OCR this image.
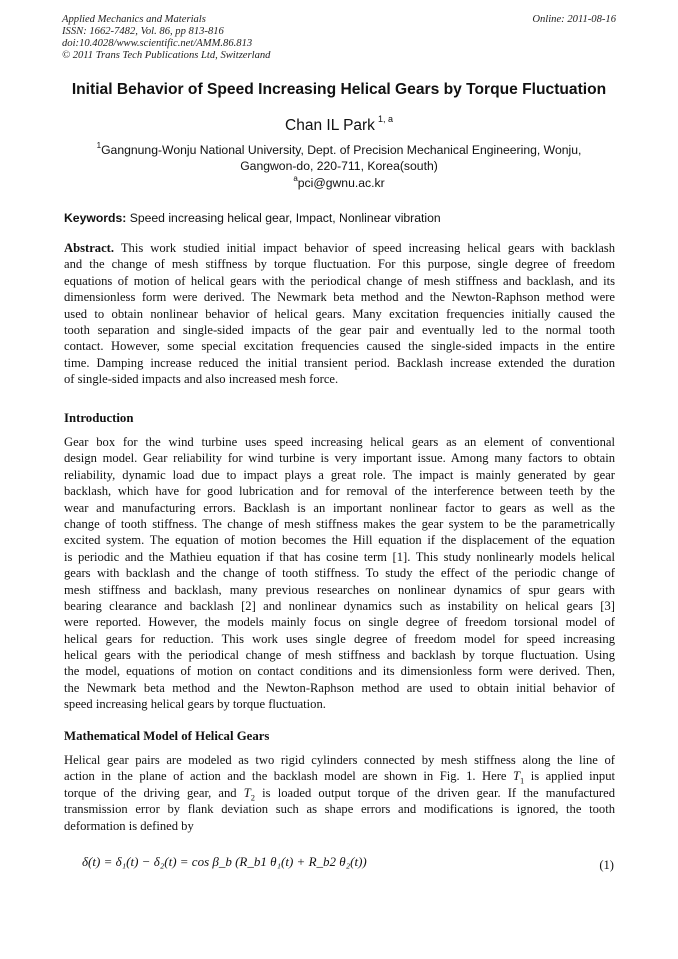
Applied Mechanics and Materials
ISSN: 1662-7482, Vol. 86, pp 813-816
doi:10.4028/www.scientific.net/AMM.86.813
© 2011 Trans Tech Publications Ltd, Switzerland
Online: 2011-08-16
Initial Behavior of Speed Increasing Helical Gears by Torque Fluctuation
Chan IL Park $^{1, a}$
$^1$Gangnung-Wonju National University, Dept. of Precision Mechanical Engineering, Wonju,
Gangwon-do, 220-711, Korea(south)
$^a$pci@gwnu.ac.kr
Keywords: Speed increasing helical gear, Impact, Nonlinear vibration
Abstract. This work studied initial impact behavior of speed increasing helical gears with backlash
and the change of mesh stiffness by torque fluctuation. For this purpose, single degree of freedom
equations of motion of helical gears with the periodical change of mesh stiffness and backlash, and its
dimensionless form were derived. The Newmark beta method and the Newton-Raphson method were
used to obtain nonlinear behavior of helical gears. Many excitation frequencies initially caused the
tooth separation and single-sided impacts of the gear pair and eventually led to the normal tooth
contact. However, some special excitation frequencies caused the single-sided impacts in the entire
time. Damping increase reduced the initial transient period. Backlash increase extended the duration
of single-sided impacts and also increased mesh force.
Introduction
Gear box for the wind turbine uses speed increasing helical gears as an element of conventional
design model. Gear reliability for wind turbine is very important issue. Among many factors to obtain
reliability, dynamic load due to impact plays a great role. The impact is mainly generated by gear
backlash, which have for good lubrication and for removal of the interference between teeth by the
wear and manufacturing errors. Backlash is an important nonlinear factor to gears as well as the
change of tooth stiffness. The change of mesh stiffness makes the gear system to be the parametrically
excited system. The equation of motion becomes the Hill equation if the displacement of the equation
is periodic and the Mathieu equation if that has cosine term [1]. This study nonlinearly models helical
gears with backlash and the change of tooth stiffness. To study the effect of the periodic change of
mesh stiffness and backlash, many previous researches on nonlinear dynamics of spur gears with
bearing clearance and backlash [2] and nonlinear dynamics such as instability on helical gears [3]
were reported. However, the models mainly focus on single degree of freedom torsional model of
helical gears for reduction. This work uses single degree of freedom model for speed increasing
helical gears with the periodical change of mesh stiffness and backlash by torque fluctuation. Using
the model, equations of motion on contact conditions and its dimensionless form were derived. Then,
the Newmark beta method and the Newton-Raphson method are used to obtain initial behavior of
speed increasing helical gears by torque fluctuation.
Mathematical Model of Helical Gears
Helical gear pairs are modeled as two rigid cylinders connected by mesh stiffness along the line of
action in the plane of action and the backlash model are shown in Fig. 1. Here $T_1$ is applied input
torque of the driving gear, and $T_2$ is loaded output torque of the driven gear. If the manufactured
transmission error by flank deviation such as shape errors and modifications is ignored, the tooth
deformation is defined by
δ(t) = δ₁(t) − δ₂(t) = cos β_b (R_b1 θ₁(t) + R_b2 θ₂(t))	(1)
